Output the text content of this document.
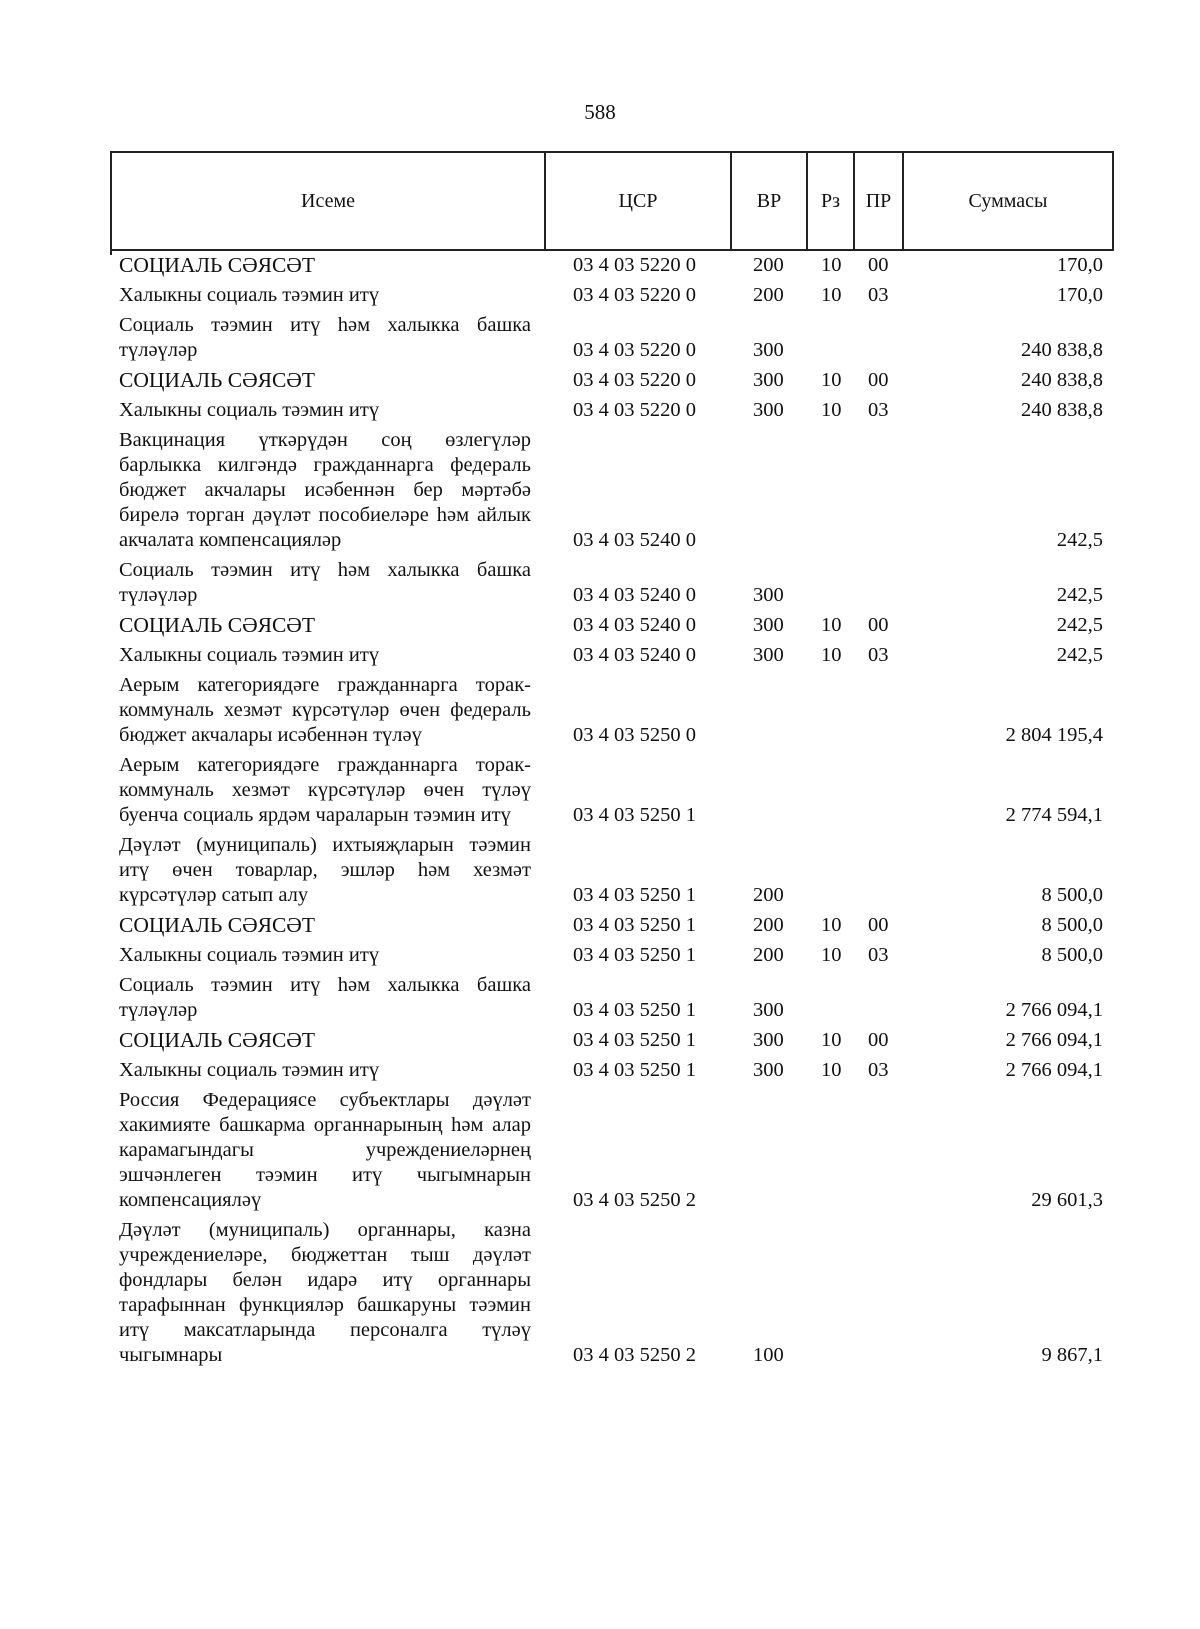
588
Исеме	ЦСР	ВР	Рз	ПР	Суммасы
СОЦИАЛЬ СӘЯСӘТ	03 4 03 5220 0	200	10	00	170,0
Халыкны социаль тәэмин итү	03 4 03 5220 0	200	10	03	170,0
Социаль тәэмин итү һәм халыкка башка түләүләр	03 4 03 5220 0	300			240 838,8
СОЦИАЛЬ СӘЯСӘТ	03 4 03 5220 0	300	10	00	240 838,8
Халыкны социаль тәэмин итү	03 4 03 5220 0	300	10	03	240 838,8
Вакцинация үткәрүдән соң өзлегүләр барлыкка килгәндә гражданнарга федераль бюджет акчалары исәбеннән бер мәртәбә бирелә торган дәүләт пособиеләре һәм айлык акчалата компенсацияләр	03 4 03 5240 0				242,5
Социаль тәэмин итү һәм халыкка башка түләүләр	03 4 03 5240 0	300			242,5
СОЦИАЛЬ СӘЯСӘТ	03 4 03 5240 0	300	10	00	242,5
Халыкны социаль тәэмин итү	03 4 03 5240 0	300	10	03	242,5
Аерым категориядәге гражданнарга торак-коммуналь хезмәт күрсәтүләр өчен федераль бюджет акчалары исәбеннән түләү	03 4 03 5250 0				2 804 195,4
Аерым категориядәге гражданнарга торак-коммуналь хезмәт күрсәтүләр өчен түләү буенча социаль ярдәм чараларын тәэмин итү	03 4 03 5250 1				2 774 594,1
Дәүләт (муниципаль) ихтыяҗларын тәэмин итү өчен товарлар, эшләр һәм хезмәт күрсәтүләр сатып алу	03 4 03 5250 1	200			8 500,0
СОЦИАЛЬ СӘЯСӘТ	03 4 03 5250 1	200	10	00	8 500,0
Халыкны социаль тәэмин итү	03 4 03 5250 1	200	10	03	8 500,0
Социаль тәэмин итү һәм халыкка башка түләүләр	03 4 03 5250 1	300			2 766 094,1
СОЦИАЛЬ СӘЯСӘТ	03 4 03 5250 1	300	10	00	2 766 094,1
Халыкны социаль тәэмин итү	03 4 03 5250 1	300	10	03	2 766 094,1
Россия Федерациясе субъектлары дәүләт хакимияте башкарма органнарының һәм алар карамагындагы учреждениеләрнең эшчәнлеген тәэмин итү чыгымнарын компенсацияләү	03 4 03 5250 2				29 601,3
Дәүләт (муниципаль) органнары, казна учреждениеләре, бюджеттан тыш дәүләт фондлары белән идарә итү органнары тарафыннан функцияләр башкаруны тәэмин итү максатларында персоналга түләү чыгымнары	03 4 03 5250 2	100			9 867,1
